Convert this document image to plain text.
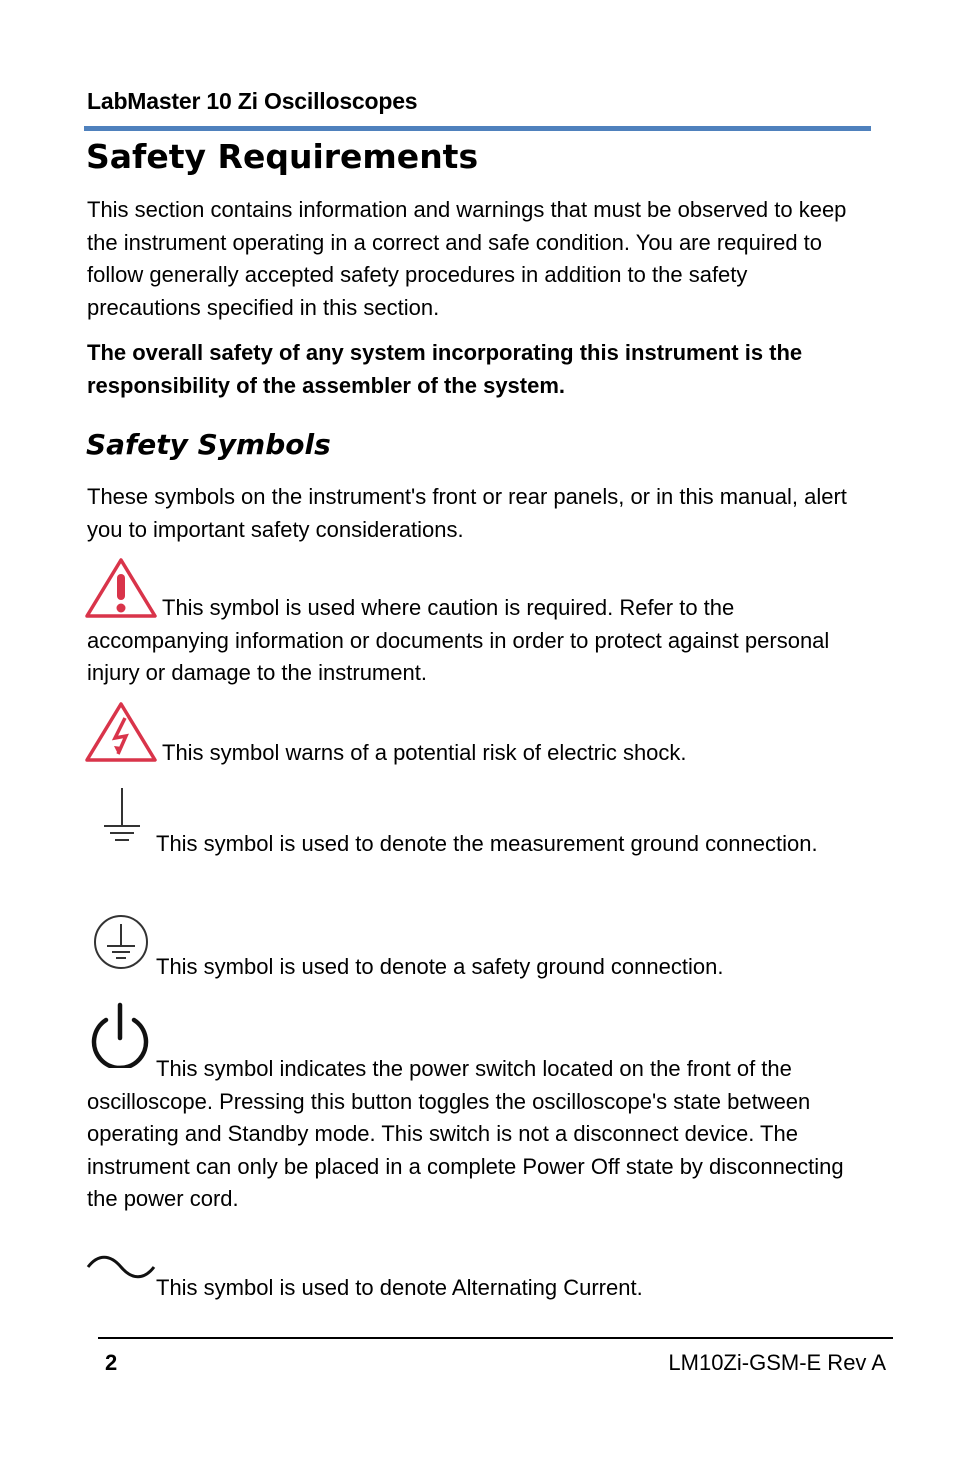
LabMaster 10 Zi Oscilloscopes
Safety Requirements
This section contains information and warnings that must be observed to keep the instrument operating in a correct and safe condition. You are required to follow generally accepted safety procedures in addition to the safety precautions specified in this section.
The overall safety of any system incorporating this instrument is the responsibility of the assembler of the system.
Safety Symbols
These symbols on the instrument's front or rear panels, or in this manual, alert you to important safety considerations.
This symbol is used where caution is required. Refer to the accompanying information or documents in order to protect against personal injury or damage to the instrument.
This symbol warns of a potential risk of electric shock.
This symbol is used to denote the measurement ground connection.
This symbol is used to denote a safety ground connection.
This symbol indicates the power switch located on the front of the oscilloscope. Pressing this button toggles the oscilloscope's state between operating and Standby mode. This switch is not a disconnect device. The instrument can only be placed in a complete Power Off state by disconnecting the power cord.
This symbol is used to denote Alternating Current.
2	LM10Zi-GSM-E Rev A
